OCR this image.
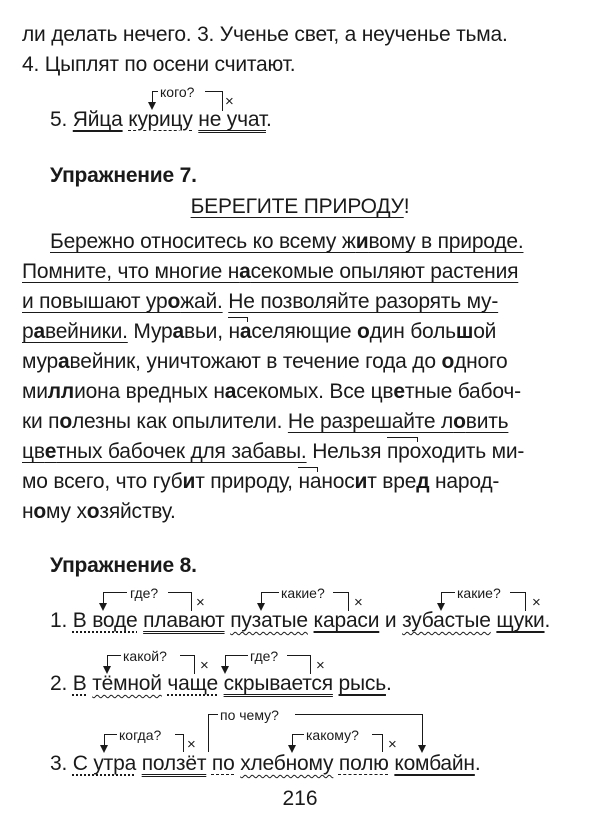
ли делать нечего. 3. Ученье свет, а неученье тьма.
4. Цыплят по осени считают.
кого?
×
5. Яйца курицу не учат.
Упражнение 7.
БЕРЕГИТЕ ПРИРОДУ!
Бережно относитесь ко всему живому в природе.
Помните, что многие насекомые опыляют растения
и повышают урожай. Не позволяйте разорять му-
равейники. Муравьи, населяющие один большой
муравейник, уничтожают в течение года до одного
миллиона вредных насекомых. Все цветные бабоч-
ки полезны как опылители. Не разрешайте ловить
цветных бабочек для забавы. Нельзя проходить ми-
мо всего, что губит природу, наносит вред народ-
ному хозяйству.
Упражнение 8.
где?
×
какие?
×
какие?
×
1. В воде плавают пузатые караси и зубастые щуки.
какой?
×
где?
×
2. В тёмной чаще скрывается рысь.
когда?
×
по чему?
какому?
×
3. С утра ползёт по хлебному полю комбайн.
216
